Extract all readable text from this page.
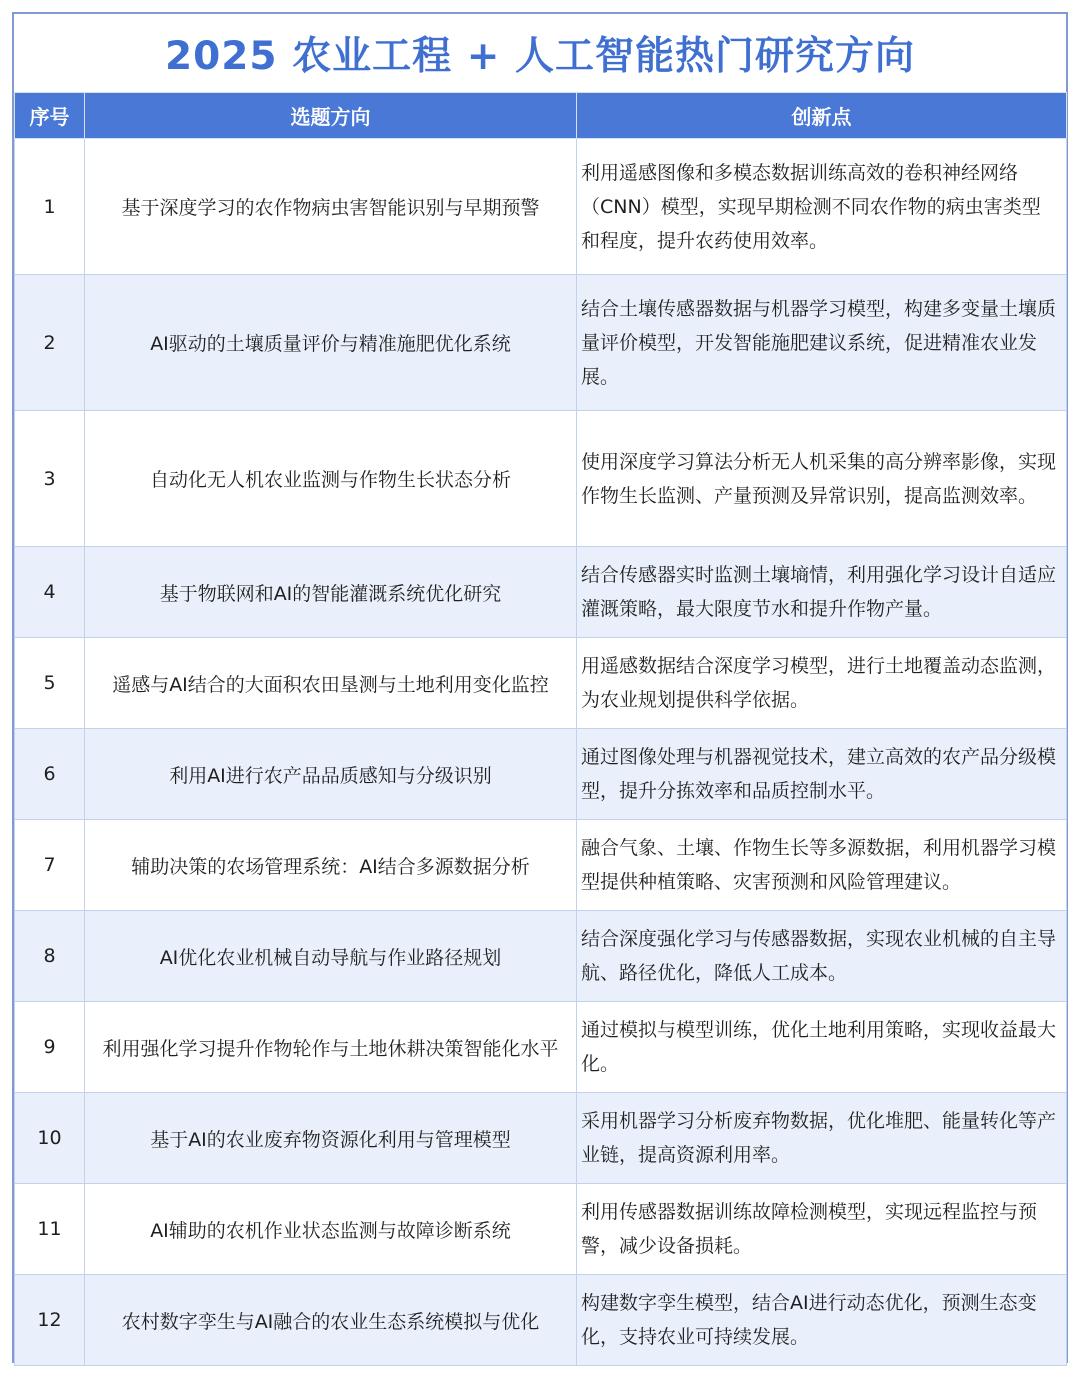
2025 农业工程 + 人工智能热门研究方向
序号	选题方向	创新点
1	基于深度学习的农作物病虫害智能识别与早期预警	利用遥感图像和多模态数据训练高效的卷积神经网络（CNN）模型，实现早期检测不同农作物的病虫害类型和程度，提升农药使用效率。
2	AI驱动的土壤质量评价与精准施肥优化系统	结合土壤传感器数据与机器学习模型，构建多变量土壤质量评价模型，开发智能施肥建议系统，促进精准农业发展。
3	自动化无人机农业监测与作物生长状态分析	使用深度学习算法分析无人机采集的高分辨率影像，实现作物生长监测、产量预测及异常识别，提高监测效率。
4	基于物联网和AI的智能灌溉系统优化研究	结合传感器实时监测土壤墒情，利用强化学习设计自适应灌溉策略，最大限度节水和提升作物产量。
5	遥感与AI结合的大面积农田垦测与土地利用变化监控	用遥感数据结合深度学习模型，进行土地覆盖动态监测，为农业规划提供科学依据。
6	利用AI进行农产品品质感知与分级识别	通过图像处理与机器视觉技术，建立高效的农产品分级模型，提升分拣效率和品质控制水平。
7	辅助决策的农场管理系统：AI结合多源数据分析	融合气象、土壤、作物生长等多源数据，利用机器学习模型提供种植策略、灾害预测和风险管理建议。
8	AI优化农业机械自动导航与作业路径规划	结合深度强化学习与传感器数据，实现农业机械的自主导航、路径优化，降低人工成本。
9	利用强化学习提升作物轮作与土地休耕决策智能化水平	通过模拟与模型训练，优化土地利用策略，实现收益最大化。
10	基于AI的农业废弃物资源化利用与管理模型	采用机器学习分析废弃物数据，优化堆肥、能量转化等产业链，提高资源利用率。
11	AI辅助的农机作业状态监测与故障诊断系统	利用传感器数据训练故障检测模型，实现远程监控与预警，减少设备损耗。
12	农村数字孪生与AI融合的农业生态系统模拟与优化	构建数字孪生模型，结合AI进行动态优化，预测生态变化，支持农业可持续发展。
